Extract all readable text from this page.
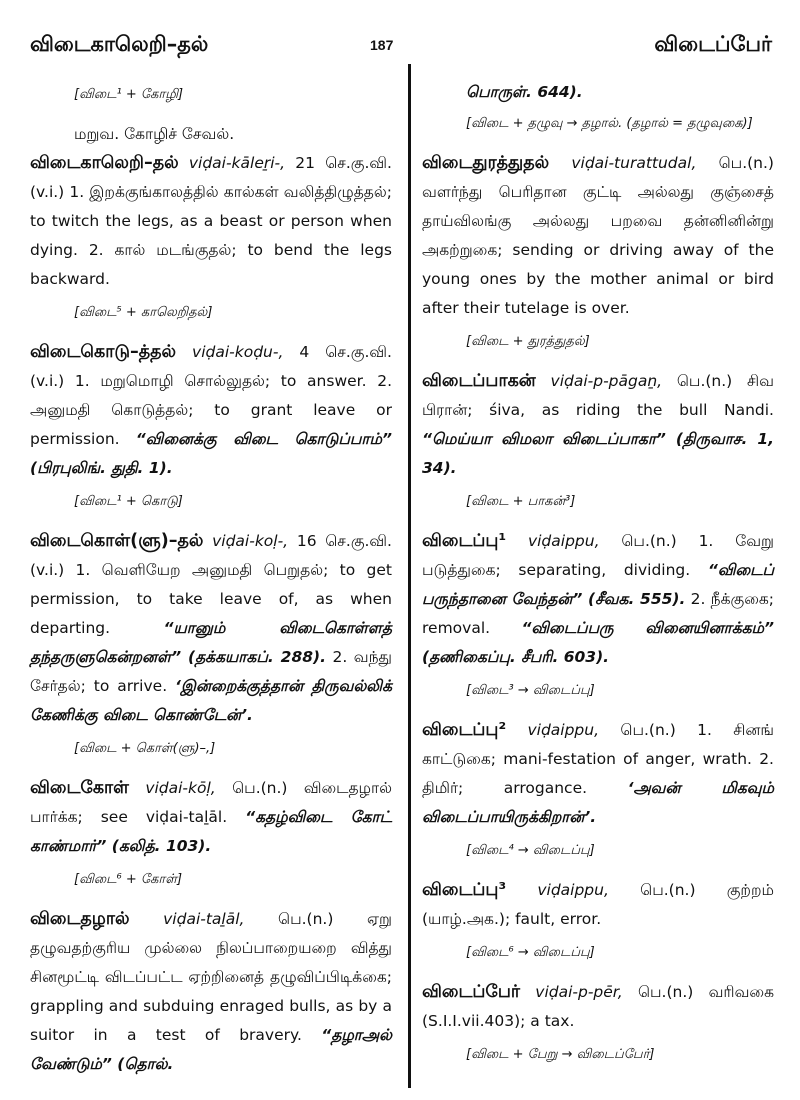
விடைகாலெறி–தல்	187	விடைப்பேர்
[விடை¹ + கோழி]
மறுவ. கோழிச் சேவல்.
விடைகாலெறி–தல் viḍai-kāleṟi-, 21 செ.கு.வி. (v.i.) 1. இறக்குங்காலத்தில் கால்கள் வலித்திழுத்தல்; to twitch the legs, as a beast or person when dying. 2. கால் மடங்குதல்; to bend the legs backward.
[விடை⁵ + காலெறிதல்]
விடைகொடு–த்தல் viḍai-koḍu-, 4 செ.கு.வி. (v.i.) 1. மறுமொழி சொல்லுதல்; to answer. 2. அனுமதி கொடுத்தல்; to grant leave or permission. “வினைக்கு விடை கொடுப்பாம்” (பிரபுலிங். துதி. 1).
[விடை¹ + கொடு]
விடைகொள்(ளு)–தல் viḍai-koḷ-, 16 செ.கு.வி. (v.i.) 1. வெளியேற அனுமதி பெறுதல்; to get permission, to take leave of, as when departing.	“யானும் விடைகொள்ளத் தந்தருளுகென்றனள்” (தக்கயாகப். 288). 2. வந்து சேர்தல்; to arrive. ‘இன்றைக்குத்தான் திருவல்லிக் கேணிக்கு விடை கொண்டேன்’.
[விடை + கொள்(ளு)–,]
விடைகோள் viḍai-kōḷ, பெ.(n.) விடைதழால் பார்க்க; see viḍai-taḻāl. “கதழ்விடை கோட் காண்மார்” (கலித். 103).
[விடை⁶ + கோள்]
விடைதழால் viḍai-taḻāl, பெ.(n.) ஏறு தழுவதற்குரிய முல்லை நிலப்பாறையறை வித்து சினமூட்டி விடப்பட்ட ஏற்றினைத் தழுவிப்பிடிக்கை; grappling and subduing enraged bulls, as by a suitor in a test of bravery. “தழாஅல் வேண்டும்” (தொல்.
பொருள். 644).
[விடை + தழுவு → தழால். (தழால் = தழுவுகை)]
விடைதுரத்துதல் viḍai-turattudal, பெ.(n.) வளர்ந்து பெரிதான குட்டி அல்லது குஞ்சைத் தாய்விலங்கு அல்லது பறவை தன்னினின்று அகற்றுகை; sending or driving away of the young ones by the mother animal or bird after their tutelage is over.
[விடை + துரத்துதல்]
விடைப்பாகன் viḍai-p-pāgaṉ, பெ.(n.) சிவ பிரான்; śiva, as riding the bull Nandi. “மெய்யா விமலா விடைப்பாகா” (திருவாச. 1, 34).
[விடை + பாகன்³]
விடைப்பு¹ viḍaippu, பெ.(n.) 1. வேறு படுத்துகை; separating, dividing. “விடைப் பருந்தானை வேந்தன்” (சீவக. 555). 2. நீக்குகை; removal. “விடைப்பரு வினையினாக்கம்” (தணிகைப்பு. சீபரி. 603).
[விடை³ → விடைப்பு]
விடைப்பு² viḍaippu, பெ.(n.) 1. சினங் காட்டுகை; mani-festation of anger, wrath. 2. திமிர்; arrogance.	‘அவன் மிகவும் விடைப்பாயிருக்கிறான்’.
[விடை⁴ → விடைப்பு]
விடைப்பு³ viḍaippu, பெ.(n.) குற்றம் (யாழ்.அக.); fault, error.
[விடை⁶ → விடைப்பு]
விடைப்பேர் viḍai-p-pēr, பெ.(n.) வரிவகை (S.I.I.vii.403); a tax.
[விடை + பேறு → விடைப்பேர்]
